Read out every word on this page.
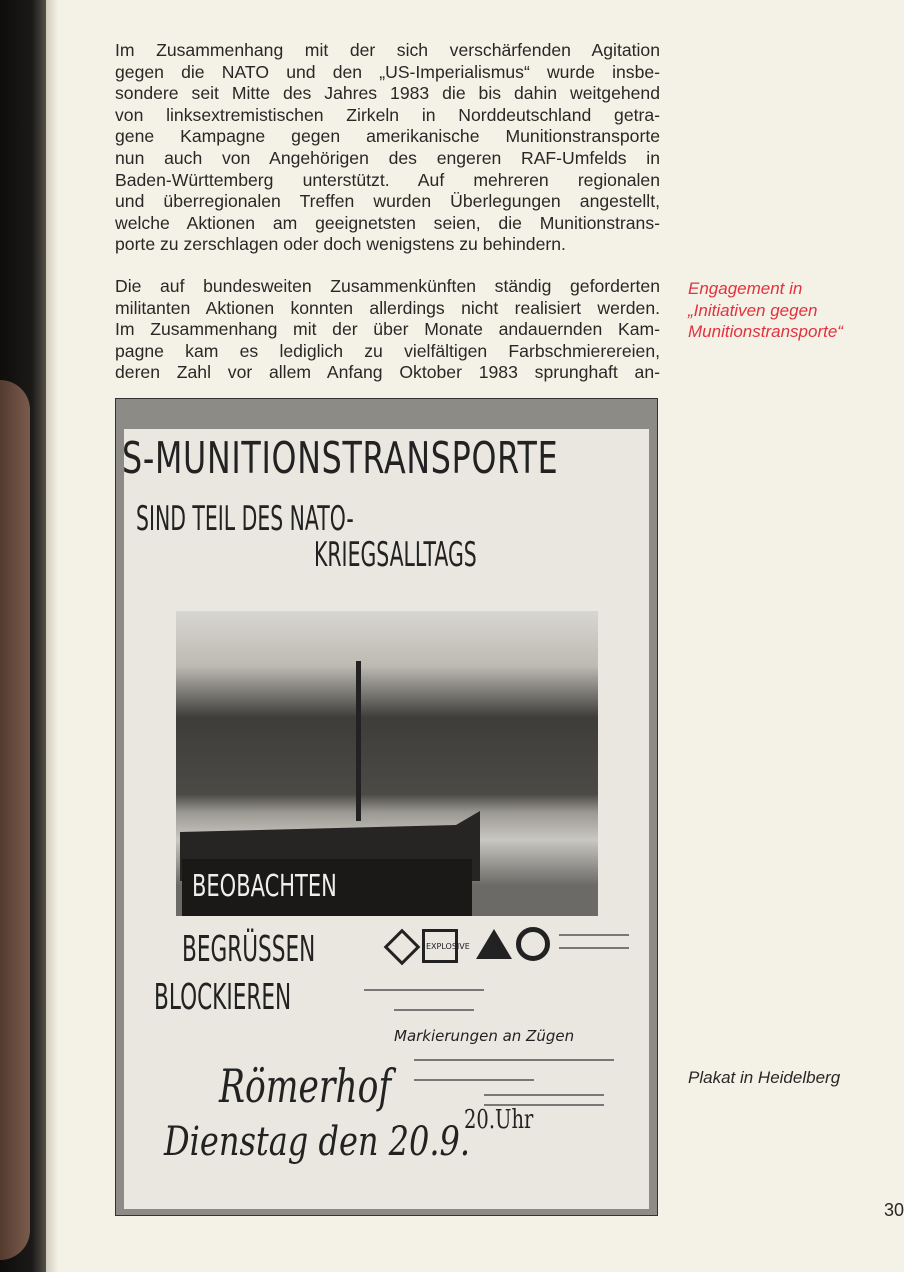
Im Zusammenhang mit der sich verschärfenden Agitation
gegen die NATO und den „US-Imperialismus“ wurde insbe-
sondere seit Mitte des Jahres 1983 die bis dahin weitgehend
von linksextremistischen Zirkeln in Norddeutschland getra-
gene Kampagne gegen amerikanische Munitionstransporte
nun auch von Angehörigen des engeren RAF-Umfelds in
Baden-Württemberg unterstützt. Auf mehreren regionalen
und überregionalen Treffen wurden Überlegungen angestellt,
welche Aktionen am geeignetsten seien, die Munitionstrans-
porte zu zerschlagen oder doch wenigstens zu behindern.
Die auf bundesweiten Zusammenkünften ständig geforderten
militanten Aktionen konnten allerdings nicht realisiert werden.
Im Zusammenhang mit der über Monate andauernden Kam-
pagne kam es lediglich zu vielfältigen Farbschmierereien,
deren Zahl vor allem Anfang Oktober 1983 sprunghaft an-
Engagement in
„Initiativen gegen
Munitionstransporte“
S-MUNITIONSTRANSPORTE
SIND TEIL DES NATO-
KRIEGSALLTAGS
BEOBACHTEN
BEGRÜSSEN
BLOCKIEREN
EXPLOSIVE
Markierungen an Zügen
Römerhof
Dienstag den 20.9.
20.Uhr
Plakat in Heidelberg
30
